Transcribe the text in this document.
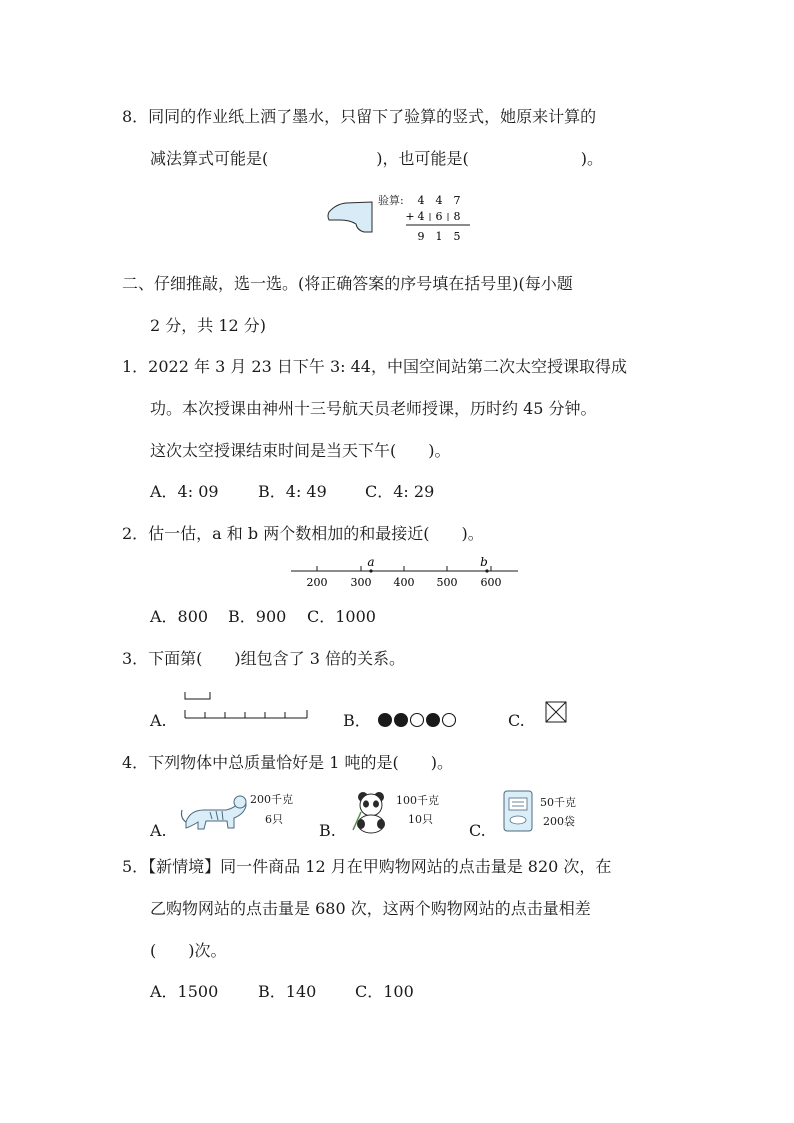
8．同同的作业纸上洒了墨水，只留下了验算的竖式，她原来计算的
减法算式可能是(	)，也可能是(	)。
验算: 4 4 7
+ 4 6 8
9 1 5
二、仔细推敲，选一选。(将正确答案的序号填在括号里)(每小题
2 分，共 12 分)
1．2022 年 3 月 23 日下午 3: 44，中国空间站第二次太空授课取得成
功。本次授课由神州十三号航天员老师授课，历时约 45 分钟。
这次太空授课结束时间是当天下午(　　)。
A．4: 09 B．4: 49 C．4: 29
2．估一估，a 和 b 两个数相加的和最接近(　　)。
a	b
200 300 400 500 600
A．800 B．900 C．1000
3．下面第(　　)组包含了 3 倍的关系。
A.	B．	C.
4．下列物体中总质量恰好是 1 吨的是(　　)。
A.
200千克
6只
B.
100千克
10只
C.
50千克
200袋
5．【新情境】同一件商品 12 月在甲购物网站的点击量是 820 次，在
乙购物网站的点击量是 680 次，这两个购物网站的点击量相差
(　　)次。
A．1500 B．140 C．100
